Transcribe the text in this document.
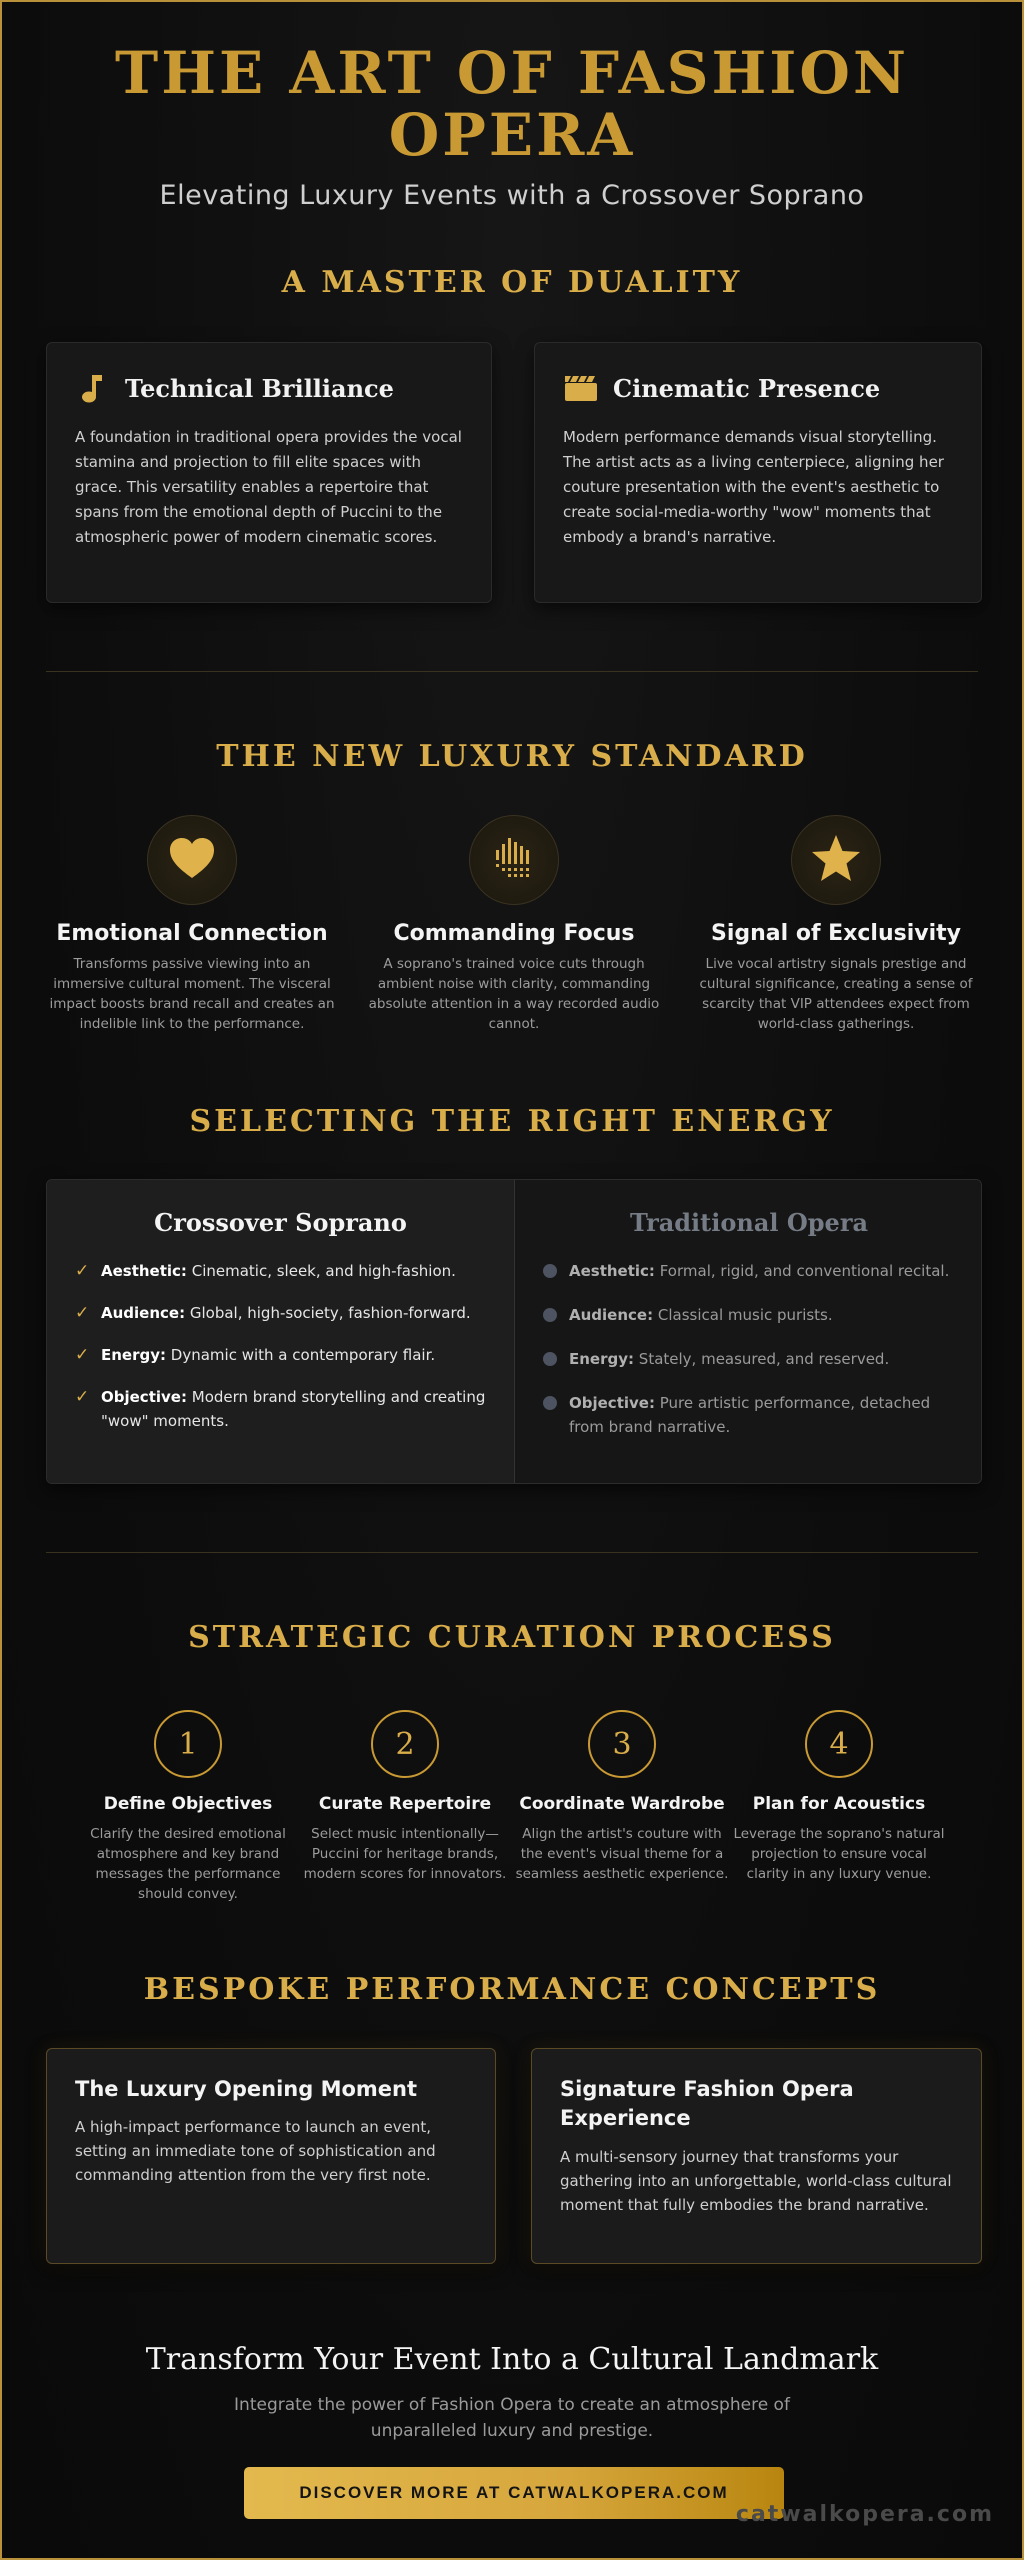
THE ART OF FASHION OPERA
Elevating Luxury Events with a Crossover Soprano
A MASTER OF DUALITY
Technical Brilliance

A foundation in traditional opera provides the vocal stamina and projection to fill elite spaces with grace. This versatility enables a repertoire that spans from the emotional depth of Puccini to the atmospheric power of modern cinematic scores.

Cinematic Presence

Modern performance demands visual storytelling. The artist acts as a living centerpiece, aligning her couture presentation with the event's aesthetic to create social-media-worthy "wow" moments that embody a brand's narrative.

THE NEW LUXURY STANDARD
Emotional Connection
Transforms passive viewing into an immersive cultural moment. The visceral impact boosts brand recall and creates an indelible link to the performance.
Commanding Focus
A soprano's trained voice cuts through ambient noise with clarity, commanding absolute attention in a way recorded audio cannot.
Signal of Exclusivity
Live vocal artistry signals prestige and cultural significance, creating a sense of scarcity that VIP attendees expect from world-class gatherings.
SELECTING THE RIGHT ENERGY
Crossover Soprano
✓ Aesthetic: Cinematic, sleek, and high-fashion.
✓ Audience: Global, high-society, fashion-forward.
✓ Energy: Dynamic with a contemporary flair.
✓ Objective: Modern brand storytelling and creating "wow" moments.
Traditional Opera
Aesthetic: Formal, rigid, and conventional recital.
Audience: Classical music purists.
Energy: Stately, measured, and reserved.
Objective: Pure artistic performance, detached from brand narrative.
STRATEGIC CURATION PROCESS
1
Define Objectives
Clarify the desired emotional atmosphere and key brand messages the performance should convey.
2
Curate Repertoire
Select music intentionally—Puccini for heritage brands, modern scores for innovators.
3
Coordinate Wardrobe
Align the artist's couture with the event's visual theme for a seamless aesthetic experience.
4
Plan for Acoustics
Leverage the soprano's natural projection to ensure vocal clarity in any luxury venue.
BESPOKE PERFORMANCE CONCEPTS
The Luxury Opening Moment
A high-impact performance to launch an event, setting an immediate tone of sophistication and commanding attention from the very first note.
Signature Fashion Opera Experience
A multi-sensory journey that transforms your gathering into an unforgettable, world-class cultural moment that fully embodies the brand narrative.
Transform Your Event Into a Cultural Landmark
Integrate the power of Fashion Opera to create an atmosphere of unparalleled luxury and prestige.
DISCOVER MORE AT CATWALKOPERA.COM
catwalkopera.com
